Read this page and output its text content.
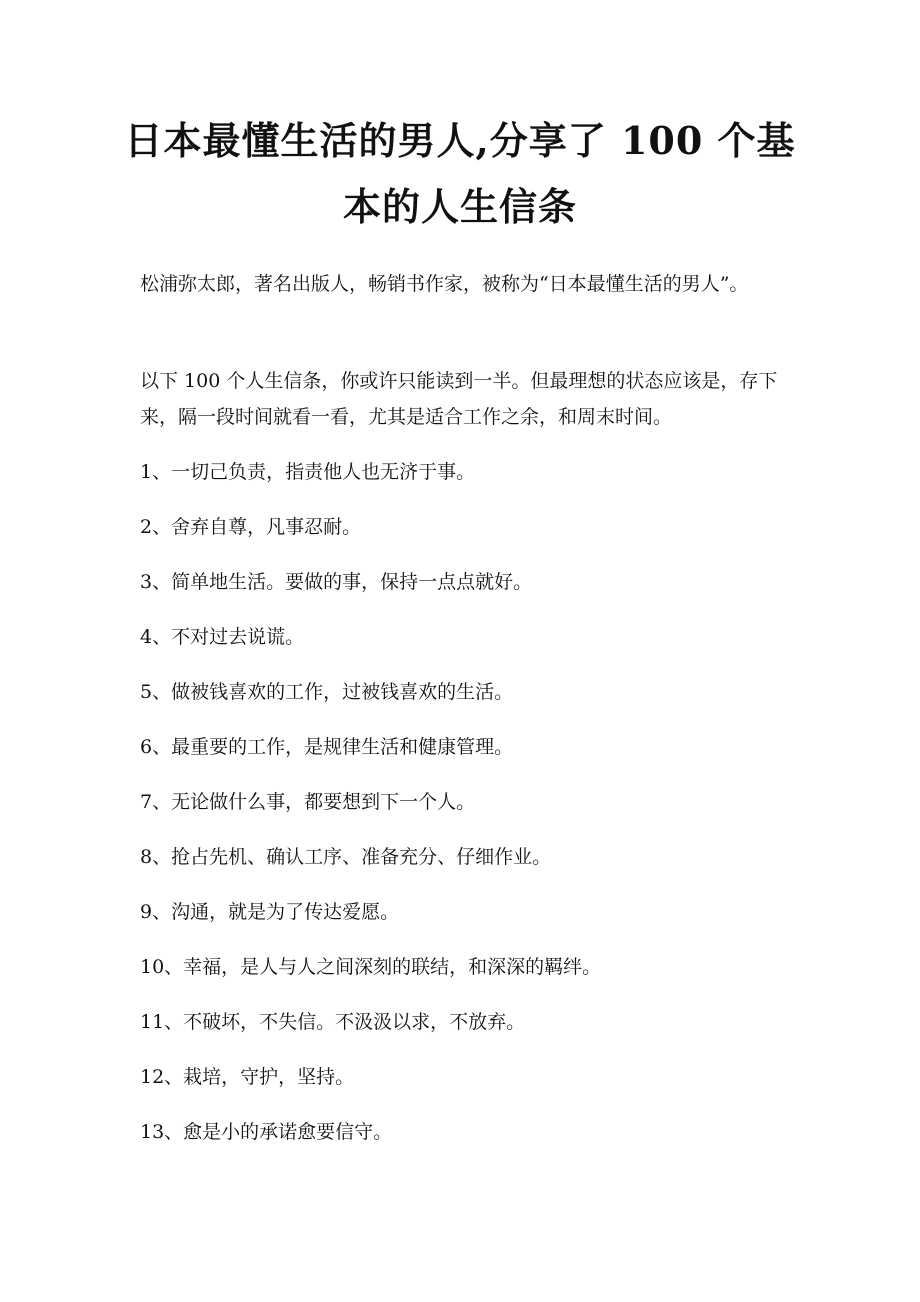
日本最懂生活的男人,分享了 100 个基
本的人生信条

松浦弥太郎，著名出版人，畅销书作家，被称为“日本最懂生活的男人”。

以下 100 个人生信条，你或许只能读到一半。但最理想的状态应该是，存下来，隔一段时间就看一看，尤其是适合工作之余，和周末时间。

1、一切己负责，指责他人也无济于事。

2、舍弃自尊，凡事忍耐。

3、简单地生活。要做的事，保持一点点就好。

4、不对过去说谎。

5、做被钱喜欢的工作，过被钱喜欢的生活。

6、最重要的工作，是规律生活和健康管理。

7、无论做什么事，都要想到下一个人。

8、抢占先机、确认工序、准备充分、仔细作业。

9、沟通，就是为了传达爱愿。

10、幸福，是人与人之间深刻的联结，和深深的羁绊。

11、不破坏，不失信。不汲汲以求，不放弃。

12、栽培，守护，坚持。

13、愈是小的承诺愈要信守。
